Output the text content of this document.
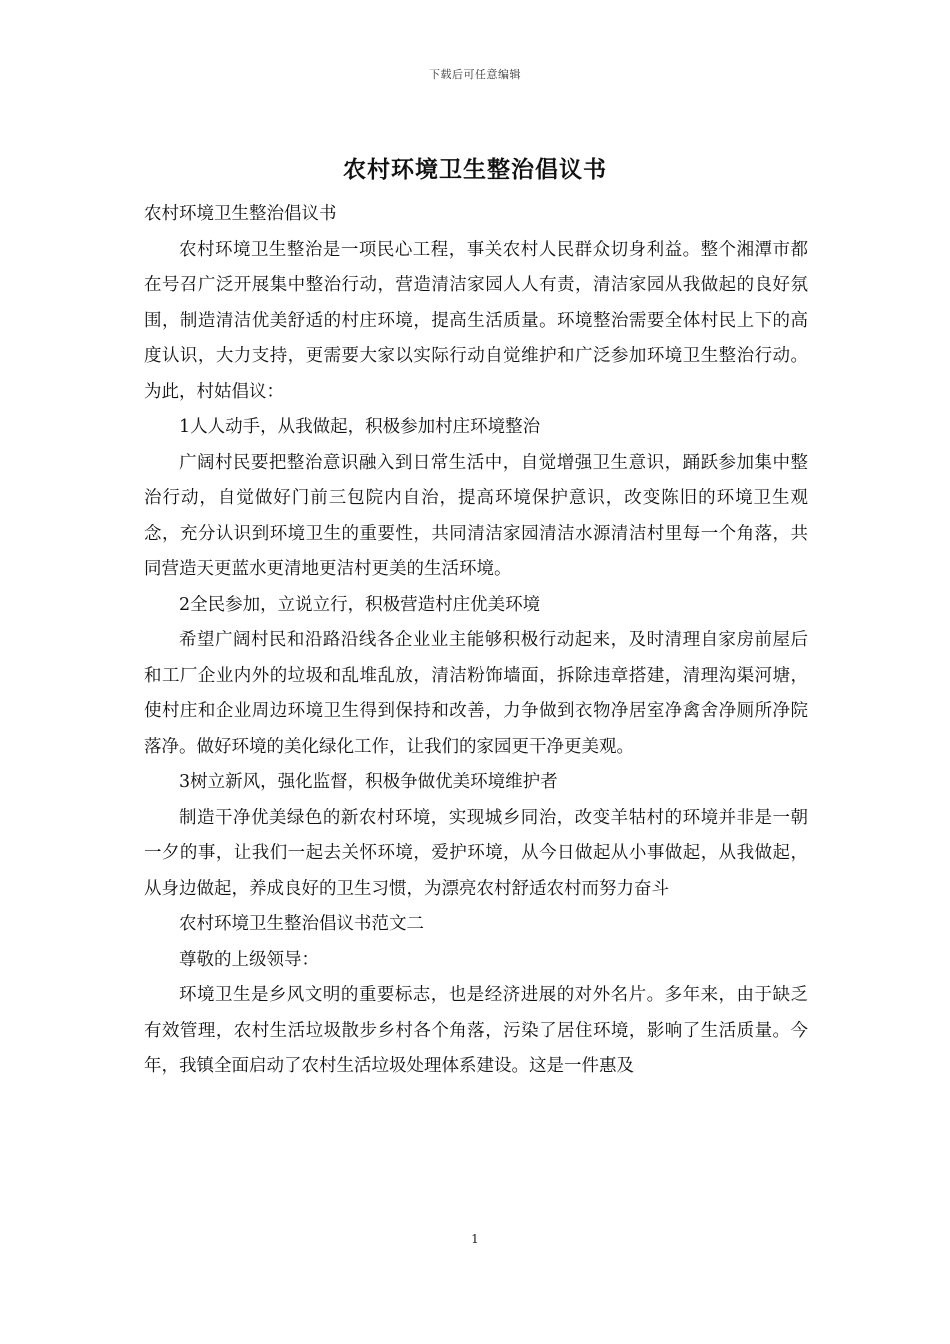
下载后可任意编辑
农村环境卫生整治倡议书

农村环境卫生整治倡议书

农村环境卫生整治是一项民心工程，事关农村人民群众切身利益。整个湘潭市都在号召广泛开展集中整治行动，营造清洁家园人人有责，清洁家园从我做起的良好氛围，制造清洁优美舒适的村庄环境，提高生活质量。环境整治需要全体村民上下的高度认识，大力支持，更需要大家以实际行动自觉维护和广泛参加环境卫生整治行动。为此，村姑倡议：

1人人动手，从我做起，积极参加村庄环境整治

广阔村民要把整治意识融入到日常生活中，自觉增强卫生意识，踊跃参加集中整治行动，自觉做好门前三包院内自治，提高环境保护意识，改变陈旧的环境卫生观念，充分认识到环境卫生的重要性，共同清洁家园清洁水源清洁村里每一个角落，共同营造天更蓝水更清地更洁村更美的生活环境。

2全民参加，立说立行，积极营造村庄优美环境

希望广阔村民和沿路沿线各企业业主能够积极行动起来，及时清理自家房前屋后和工厂企业内外的垃圾和乱堆乱放，清洁粉饰墙面，拆除违章搭建，清理沟渠河塘，使村庄和企业周边环境卫生得到保持和改善，力争做到衣物净居室净禽舍净厕所净院落净。做好环境的美化绿化工作，让我们的家园更干净更美观。

3树立新风，强化监督，积极争做优美环境维护者

制造干净优美绿色的新农村环境，实现城乡同治，改变羊牯村的环境并非是一朝一夕的事，让我们一起去关怀环境，爱护环境，从今日做起从小事做起，从我做起，从身边做起，养成良好的卫生习惯，为漂亮农村舒适农村而努力奋斗

农村环境卫生整治倡议书范文二

尊敬的上级领导：

环境卫生是乡风文明的重要标志，也是经济进展的对外名片。多年来，由于缺乏有效管理，农村生活垃圾散步乡村各个角落，污染了居住环境，影响了生活质量。今年，我镇全面启动了农村生活垃圾处理体系建设。这是一件惠及

1
